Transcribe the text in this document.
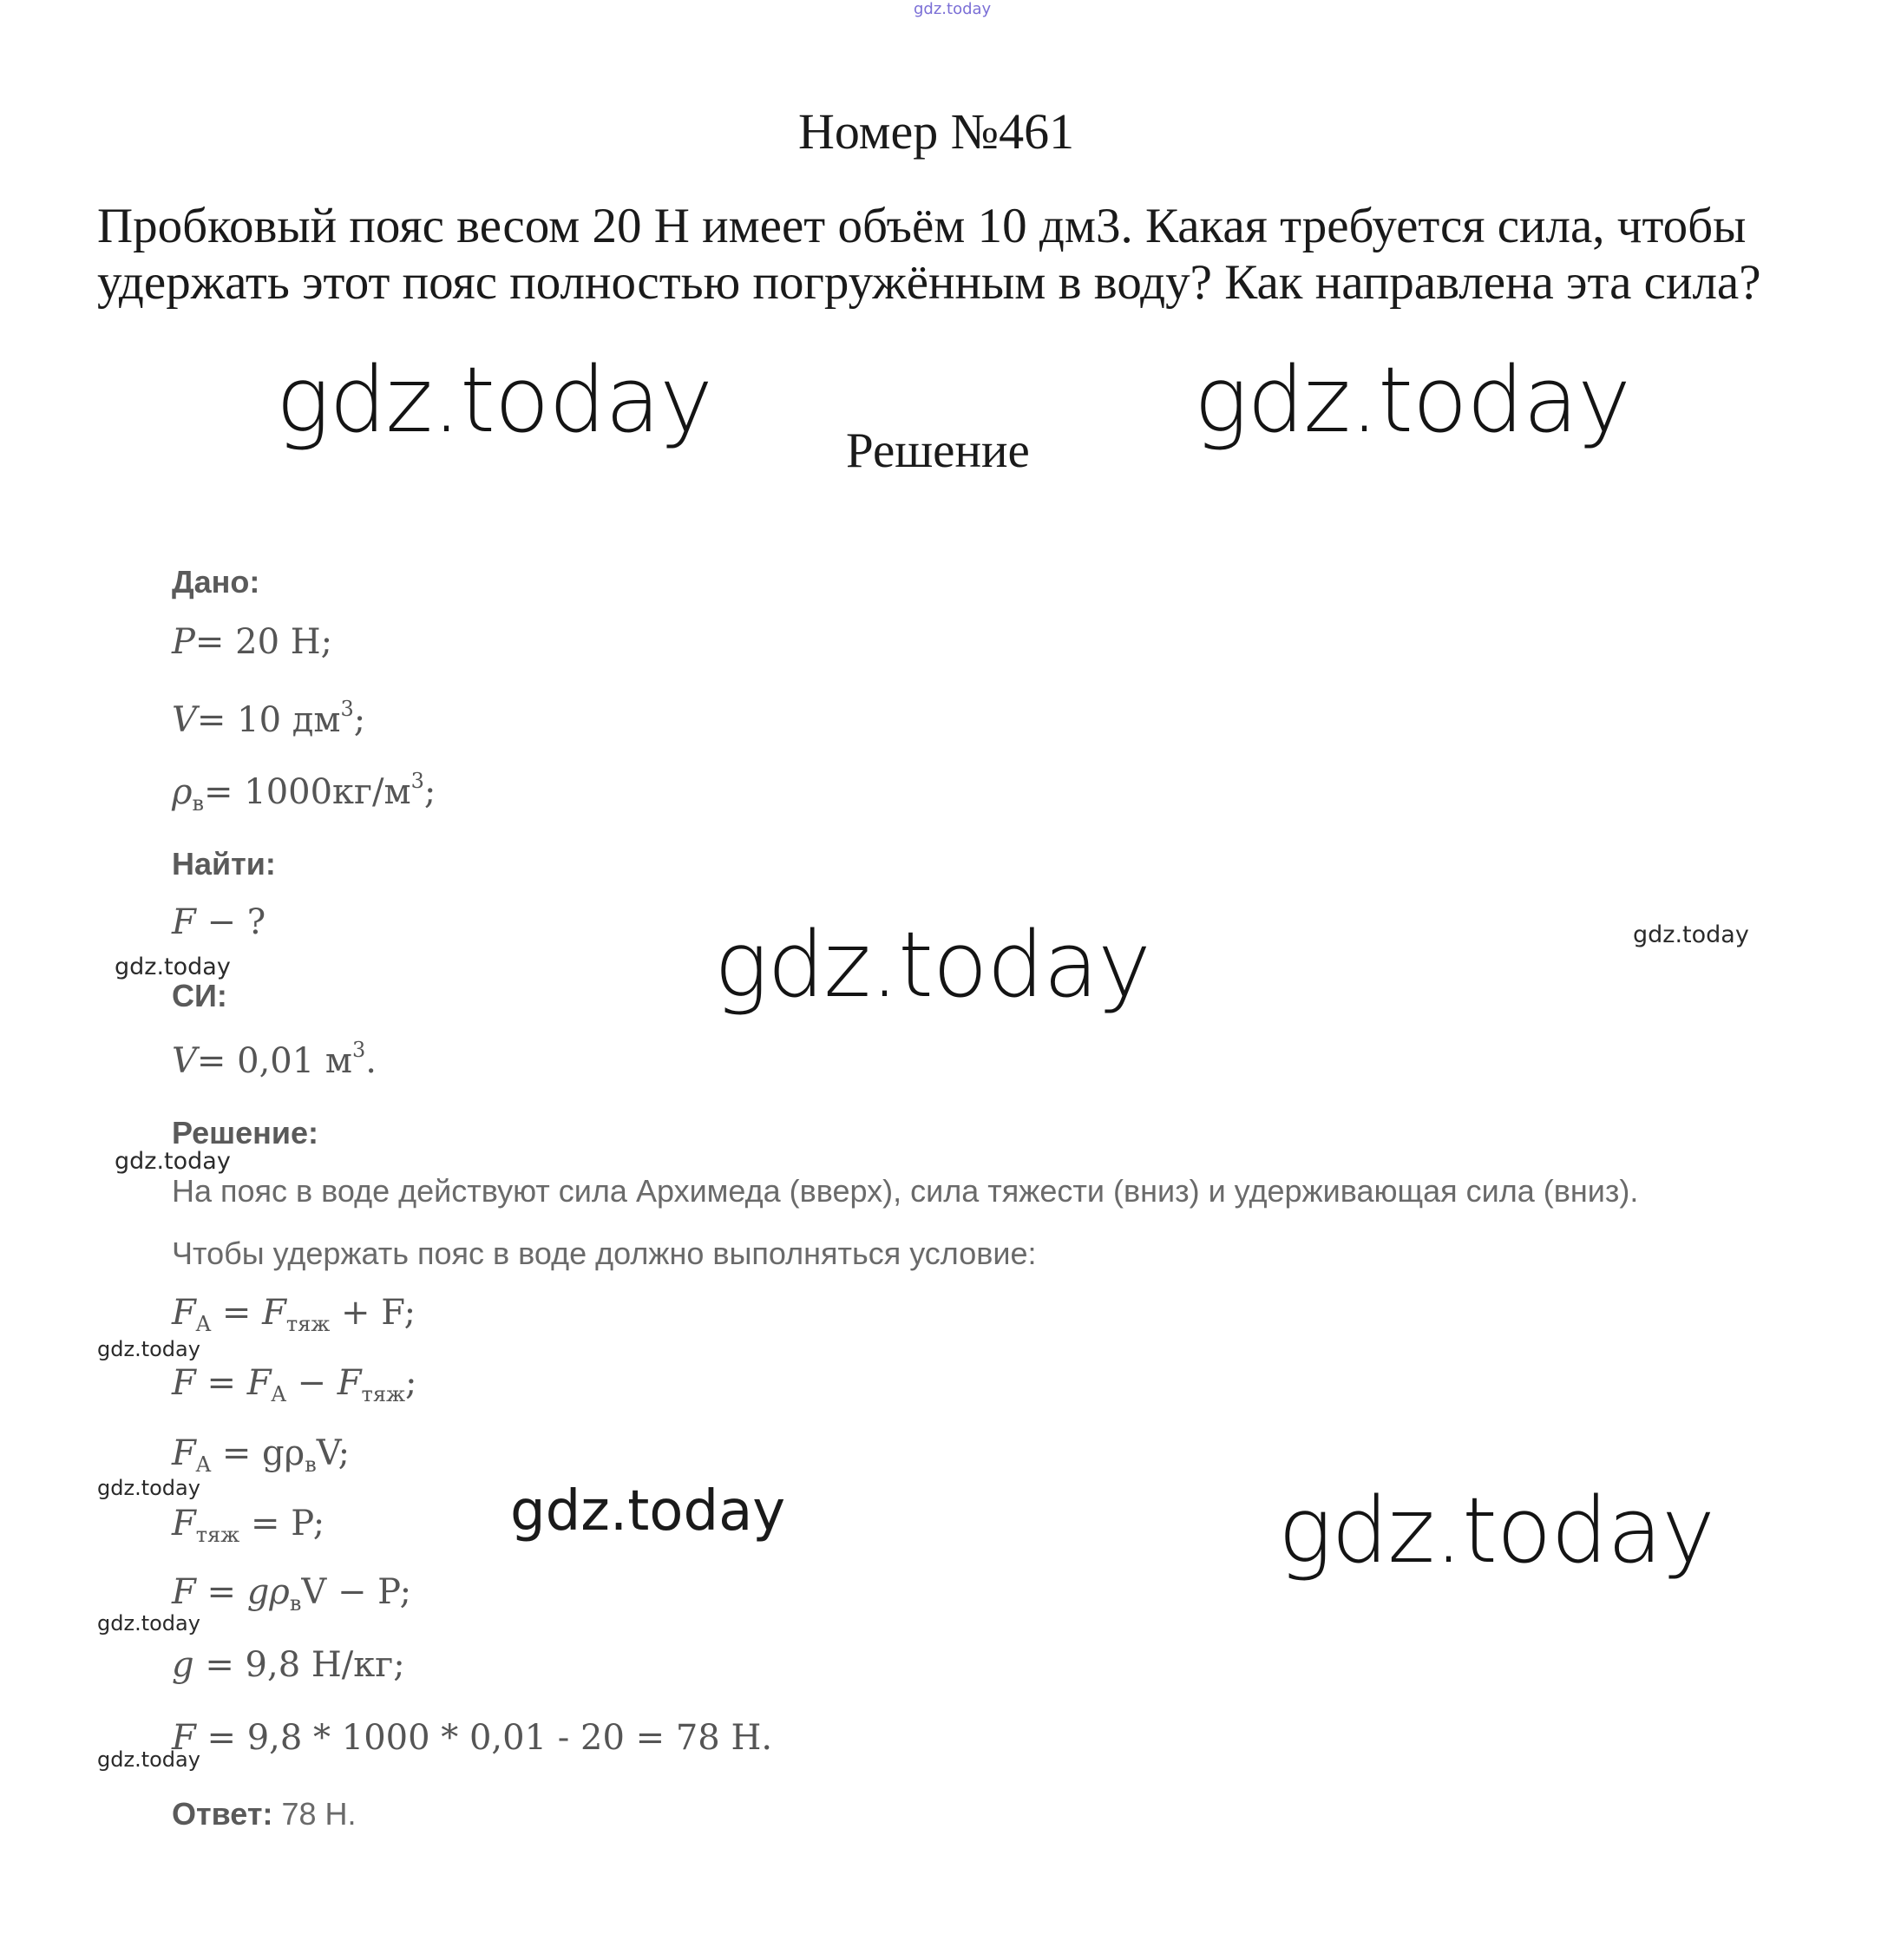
gdz.today
Номер №461
Пробковый пояс весом 20 Н имеет объём 10 дм3. Какая требуется сила, чтобы удержать этот пояс полностью погружённым в воду? Как направлена эта сила?
Решение
gdz.today	gdz.today
gdz.today
gdz.today
gdz.today
gdz.today
gdz.today
gdz.today
gdz.today
gdz.today
gdz.today
gdz.today
Дано:
P= 20 Н;
V= 10 $дм^3$;
$\rho_в= 1000кг/м^3$;
Найти:
F − ?
СИ:
V= 0,01 $м^3$.
Решение:
На пояс в воде действуют сила Архимеда (вверх), сила тяжести (вниз) и удерживающая сила (вниз).
Чтобы удержать пояс в воде должно выполняться условие:
$F_A = F_{тяж} + F$;
$F = F_A - F_{тяж}$;
$F_A = g\rho_вV$;
$F_{тяж} = P$;
$F = g\rho_вV - P$;
g = 9,8 Н/кг;
F = 9,8 * 1000 * 0,01 - 20 = 78 Н.
Ответ: 78 Н.
